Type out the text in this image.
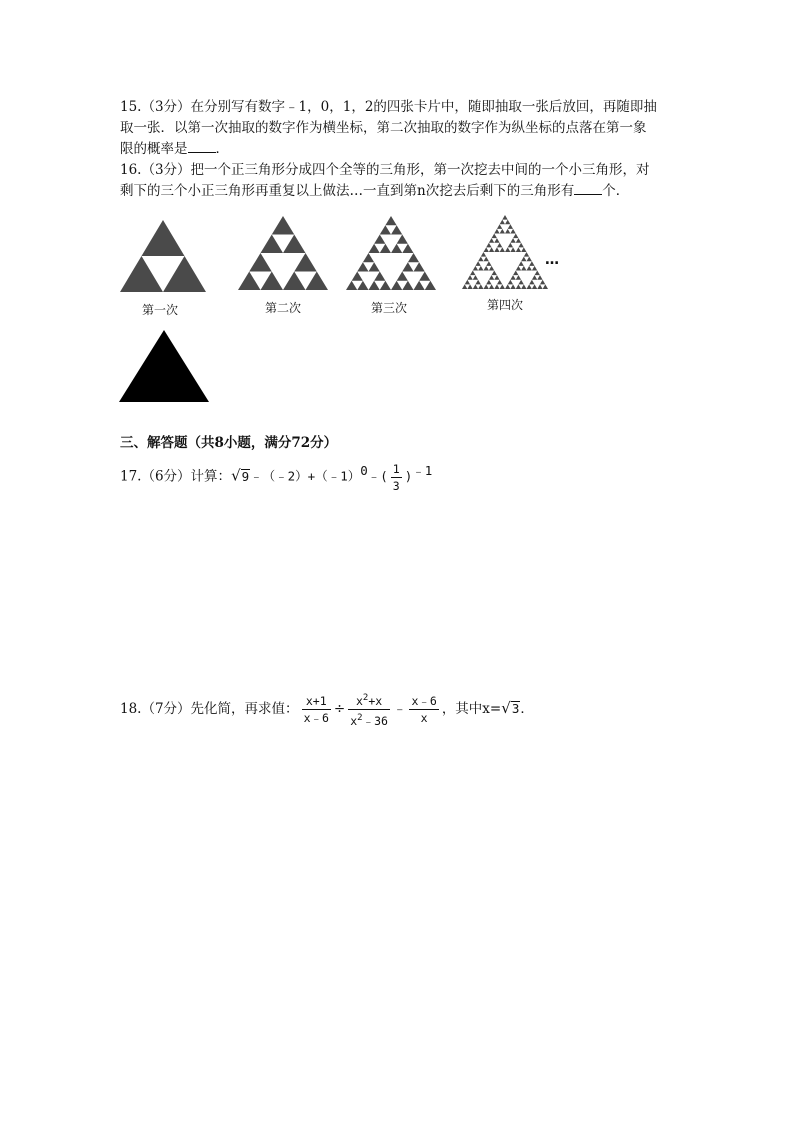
15.（3分）在分别写有数字﹣1，0，1，2的四张卡片中，随即抽取一张后放回，再随即抽
取一张．以第一次抽取的数字作为横坐标，第二次抽取的数字作为纵坐标的点落在第一象
限的概率是 ．
16.（3分）把一个正三角形分成四个全等的三角形，第一次挖去中间的一个小三角形，对
剩下的三个小正三角形再重复以上做法…一直到第n次挖去后剩下的三角形有 个．
…
第一次	第二次	第三次	第四次
三、解答题（共8小题，满分72分）
17.（6分）计算：√9﹣（﹣2）+（﹣1）$^0$﹣( $\frac{1}{3} )^{﹣1}$
18.（7分）先化简，再求值： $\frac{x+1}{x﹣6} \div \frac{x^2+x}{x^2﹣36}$ ﹣ $\frac{x﹣6}{x}$ ，其中x=√3．
